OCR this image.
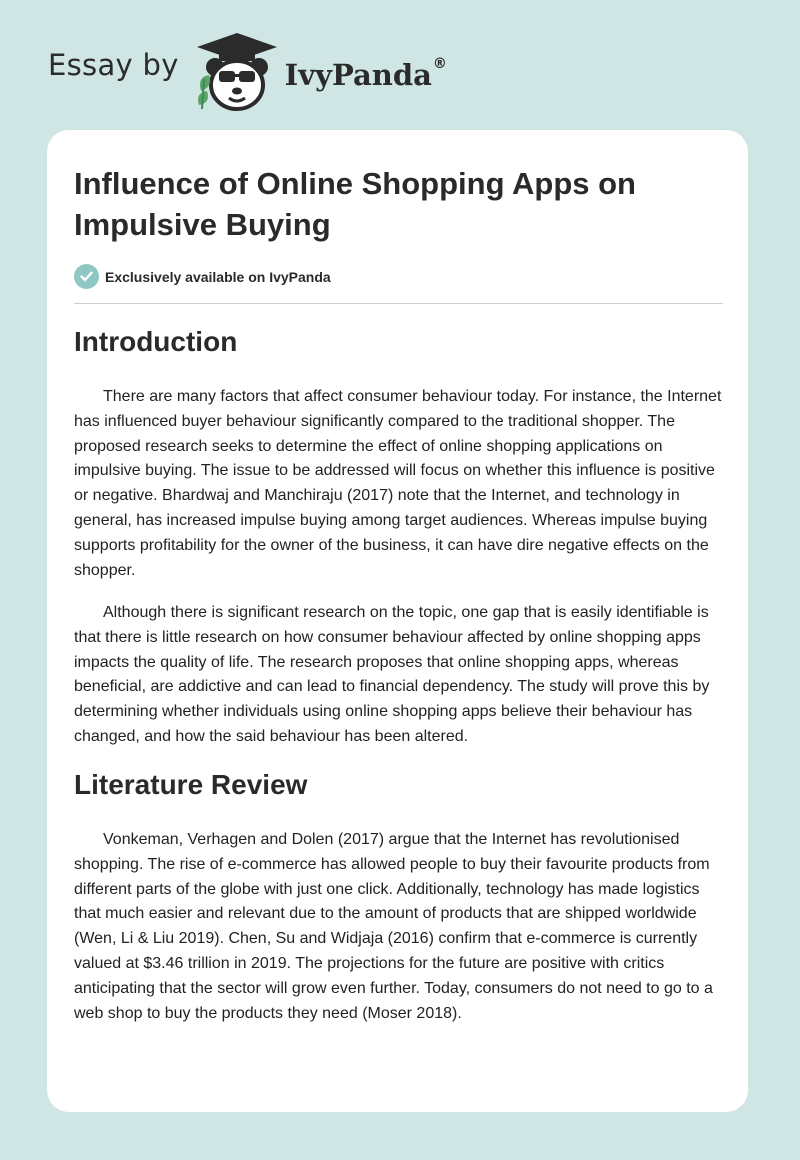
Essay by	IvyPanda®
Influence of Online Shopping Apps on Impulsive Buying
Exclusively available on IvyPanda
Introduction

There are many factors that affect consumer behaviour today. For instance, the Internet has influenced buyer behaviour significantly compared to the traditional shopper. The proposed research seeks to determine the effect of online shopping applications on impulsive buying. The issue to be addressed will focus on whether this influence is positive or negative. Bhardwaj and Manchiraju (2017) note that the Internet, and technology in general, has increased impulse buying among target audiences. Whereas impulse buying supports profitability for the owner of the business, it can have dire negative effects on the shopper.

Although there is significant research on the topic, one gap that is easily identifiable is that there is little research on how consumer behaviour affected by online shopping apps impacts the quality of life. The research proposes that online shopping apps, whereas beneficial, are addictive and can lead to financial dependency. The study will prove this by determining whether individuals using online shopping apps believe their behaviour has changed, and how the said behaviour has been altered.

Literature Review

Vonkeman, Verhagen and Dolen (2017) argue that the Internet has revolutionised shopping. The rise of e-commerce has allowed people to buy their favourite products from different parts of the globe with just one click. Additionally, technology has made logistics that much easier and relevant due to the amount of products that are shipped worldwide (Wen, Li & Liu 2019). Chen, Su and Widjaja (2016) confirm that e-commerce is currently valued at $3.46 trillion in 2019. The projections for the future are positive with critics anticipating that the sector will grow even further. Today, consumers do not need to go to a web shop to buy the products they need (Moser 2018).
